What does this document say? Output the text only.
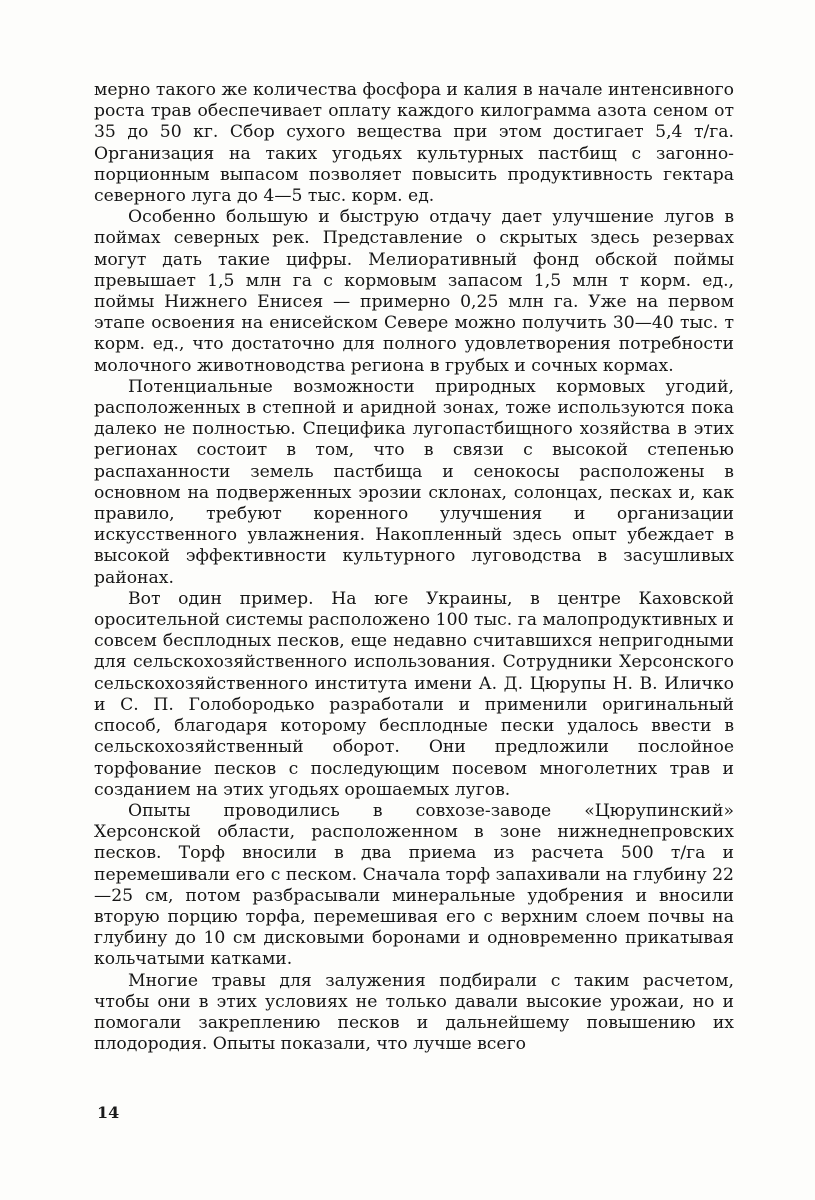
мерно такого же количества фосфора и калия в начале интенсивного роста трав обеспечивает оплату каждого килограмма азота сеном от 35 до 50 кг. Сбор сухого вещества при этом достигает 5,4 т/га. Организация на таких угодьях культурных пастбищ с загонно-порционным выпасом позволяет повысить продуктивность гектара северного луга до 4—5 тыс. корм. ед.

Особенно большую и быструю отдачу дает улучшение лугов в поймах северных рек. Представление о скрытых здесь резервах могут дать такие цифры. Мелиоративный фонд обской поймы превышает 1,5 млн га с кормовым запасом 1,5 млн т корм. ед., поймы Нижнего Енисея — примерно 0,25 млн га. Уже на первом этапе освоения на енисейском Севере можно получить 30—40 тыс. т корм. ед., что достаточно для полного удовлетворения потребности молочного животноводства региона в грубых и сочных кормах.

Потенциальные возможности природных кормовых угодий, расположенных в степной и аридной зонах, тоже используются пока далеко не полностью. Специфика лугопастбищного хозяйства в этих регионах состоит в том, что в связи с высокой степенью распаханности земель пастбища и сенокосы расположены в основном на подверженных эрозии склонах, солонцах, песках и, как правило, требуют коренного улучшения и организации искусственного увлажнения. Накопленный здесь опыт убеждает в высокой эффективности культурного луговодства в засушливых районах.

Вот один пример. На юге Украины, в центре Каховской оросительной системы расположено 100 тыс. га малопродуктивных и совсем бесплодных песков, еще недавно считавшихся непригодными для сельскохозяйственного использования. Сотрудники Херсонского сельскохозяйственного института имени А. Д. Цюрупы Н. В. Иличко и С. П. Голобородько разработали и применили оригинальный способ, благодаря которому бесплодные пески удалось ввести в сельскохозяйственный оборот. Они предложили послойное торфование песков с последующим посевом многолетних трав и созданием на этих угодьях орошаемых лугов.

Опыты проводились в совхозе-заводе «Цюрупинский» Херсонской области, расположенном в зоне нижнеднепровских песков. Торф вносили в два приема из расчета 500 т/га и перемешивали его с песком. Сначала торф запахивали на глубину 22—25 см, потом разбрасывали минеральные удобрения и вносили вторую порцию торфа, перемешивая его с верхним слоем почвы на глубину до 10 см дисковыми боронами и одновременно прикатывая кольчатыми катками.

Многие травы для залужения подбирали с таким расчетом, чтобы они в этих условиях не только давали высокие урожаи, но и помогали закреплению песков и дальнейшему повышению их плодородия. Опыты показали, что лучше всего

14
